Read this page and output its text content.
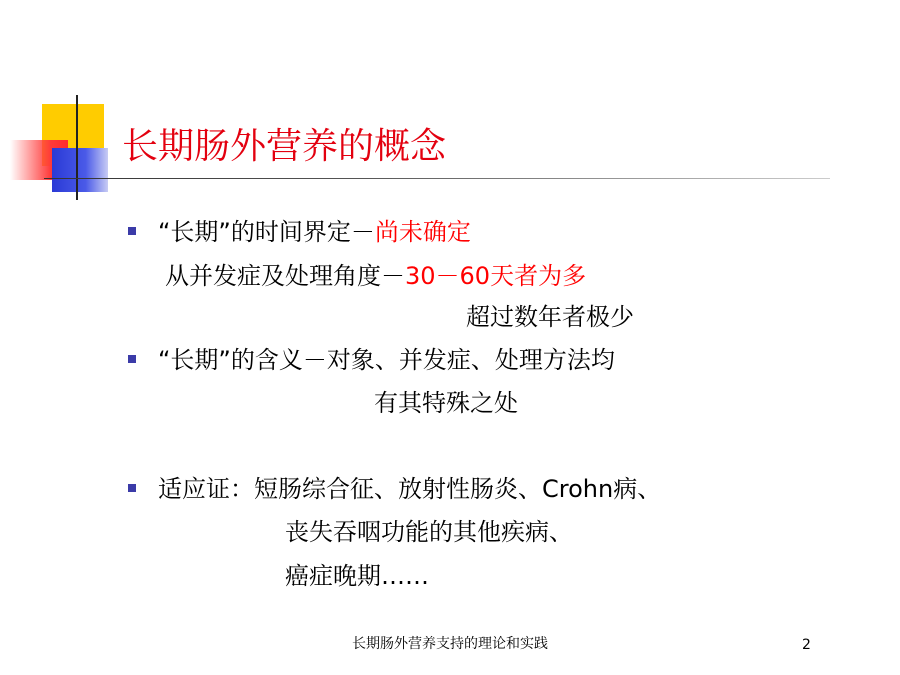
长期肠外营养的概念
“长期”的时间界定－尚未确定
从并发症及处理角度－30－60天者为多
超过数年者极少
“长期”的含义－对象、并发症、处理方法均
有其特殊之处
适应证：短肠综合征、放射性肠炎、Crohn病、
丧失吞咽功能的其他疾病、
癌症晚期……
长期肠外营养支持的理论和实践	2
